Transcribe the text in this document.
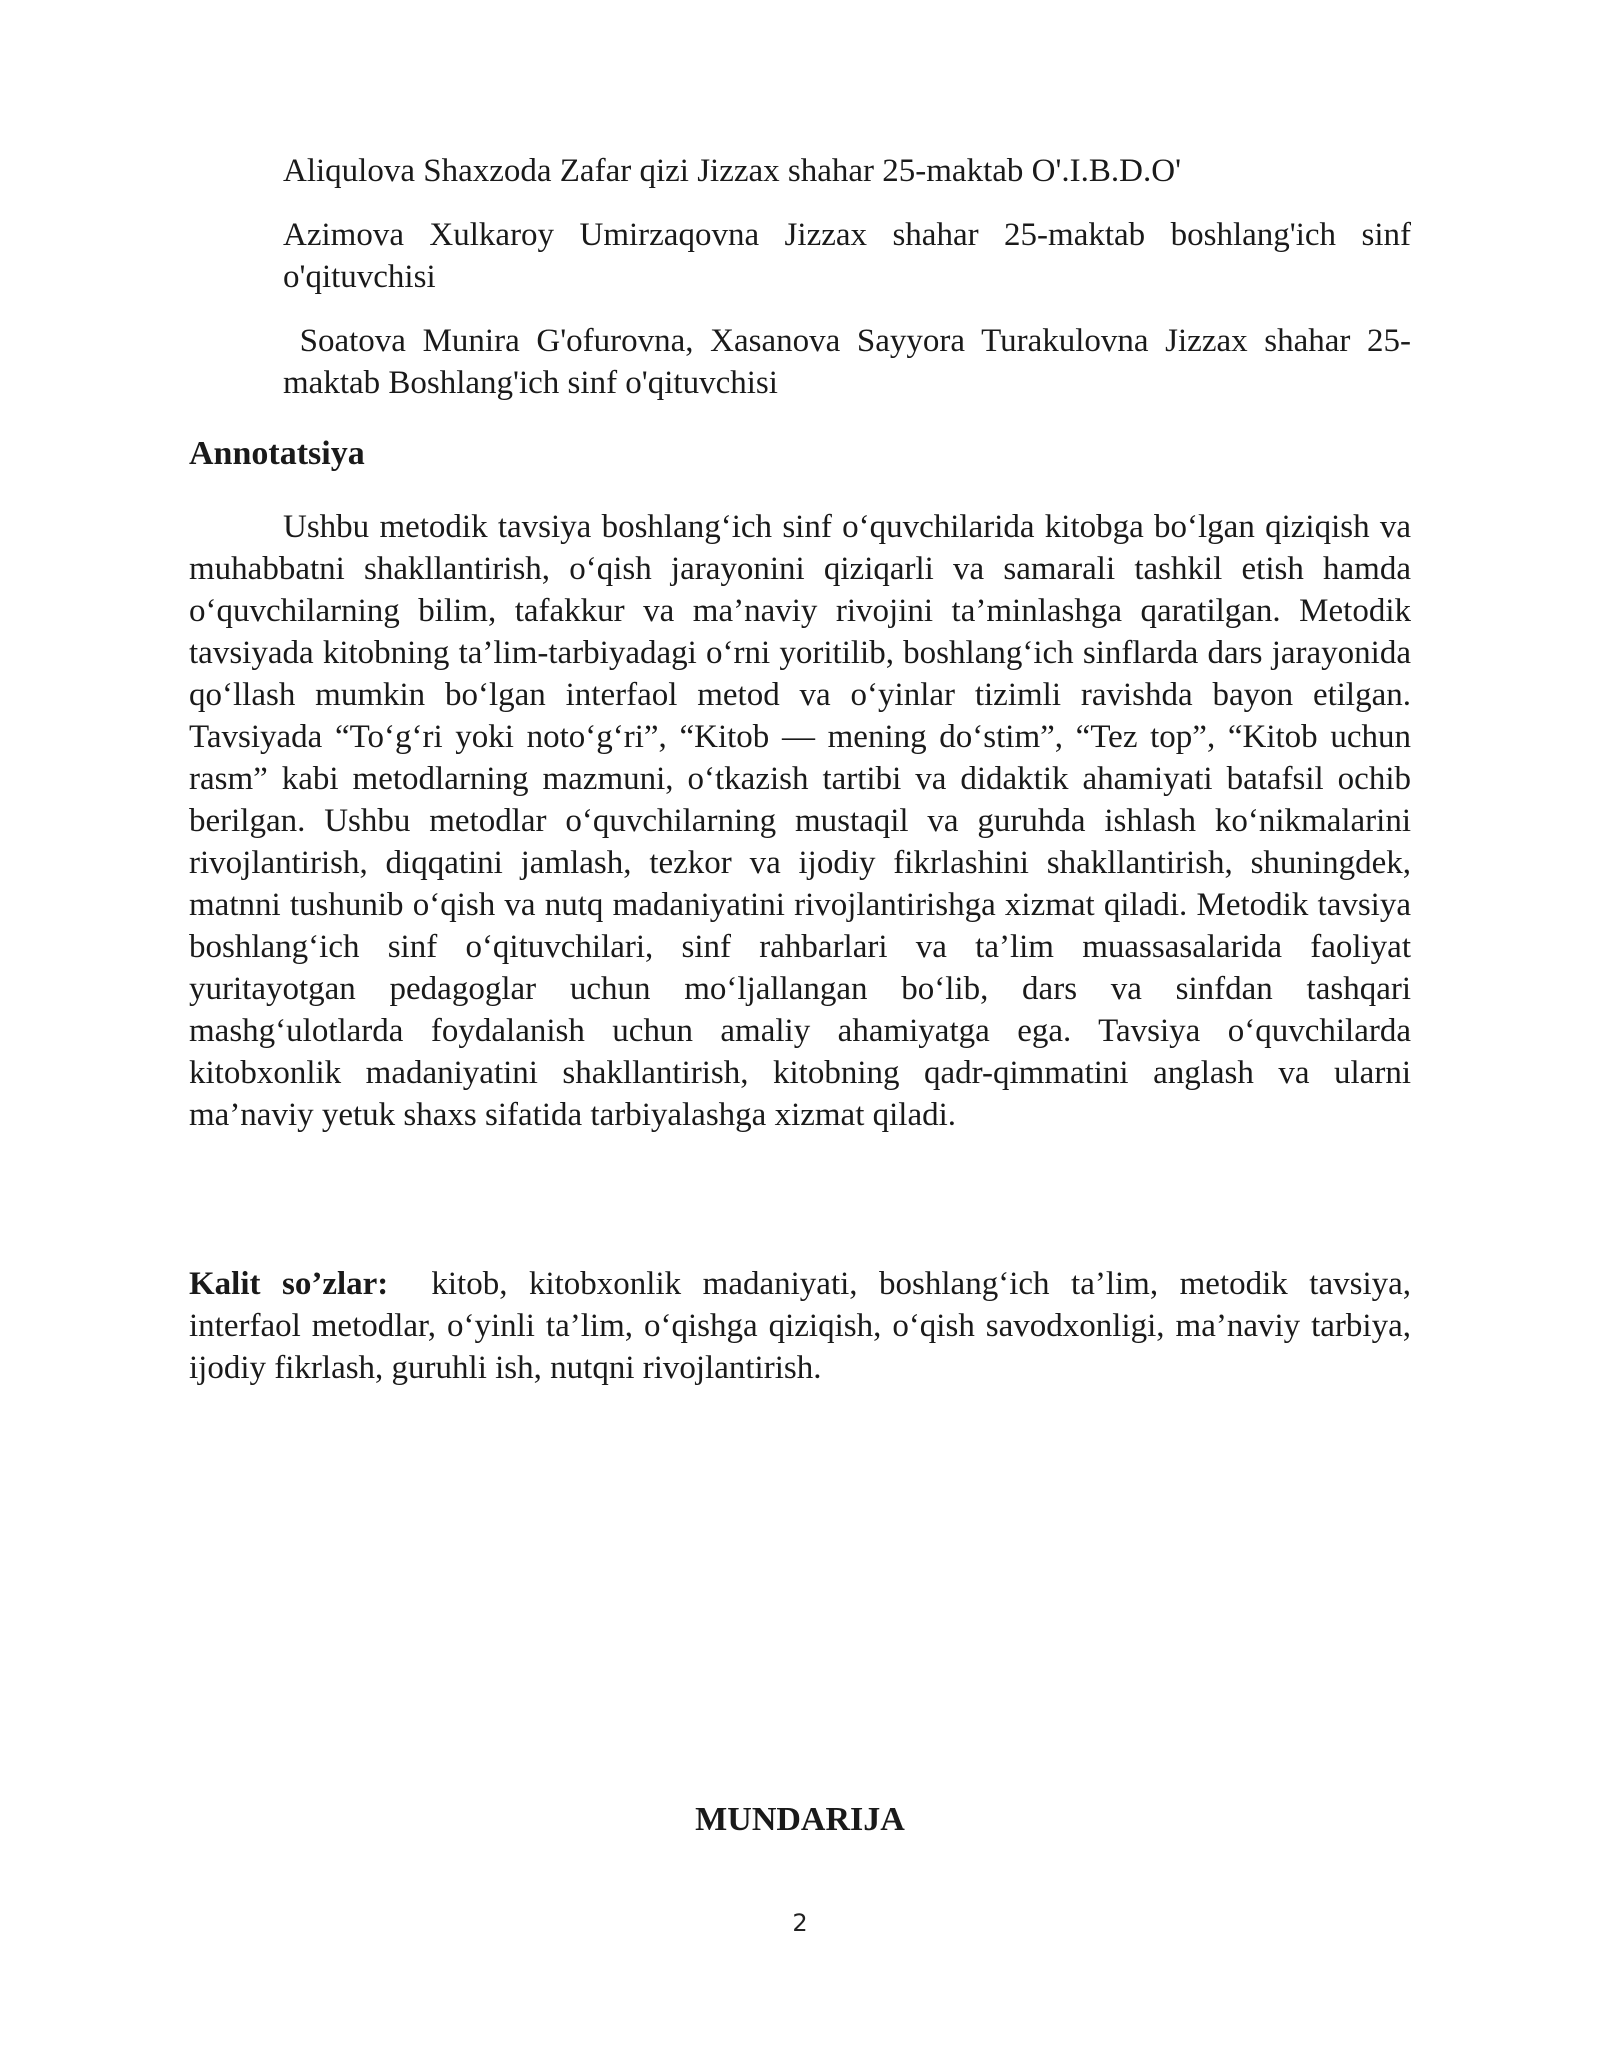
Aliqulova Shaxzoda Zafar qizi Jizzax shahar 25-maktab O'.I.B.D.O'

Azimova Xulkaroy Umirzaqovna Jizzax shahar 25-maktab boshlang'ich sinf o'qituvchisi

Soatova Munira G'ofurovna, Xasanova Sayyora Turakulovna Jizzax shahar 25-maktab Boshlang'ich sinf o'qituvchisi

Annotatsiya

Ushbu metodik tavsiya boshlang‘ich sinf o‘quvchilarida kitobga bo‘lgan qiziqish va muhabbatni shakllantirish, o‘qish jarayonini qiziqarli va samarali tashkil etish hamda o‘quvchilarning bilim, tafakkur va ma’naviy rivojini ta’minlashga qaratilgan. Metodik tavsiyada kitobning ta’lim-tarbiyadagi o‘rni yoritilib, boshlang‘ich sinflarda dars jarayonida qo‘llash mumkin bo‘lgan interfaol metod va o‘yinlar tizimli ravishda bayon etilgan. Tavsiyada “To‘g‘ri yoki noto‘g‘ri”, “Kitob — mening do‘stim”, “Tez top”, “Kitob uchun rasm” kabi metodlarning mazmuni, o‘tkazish tartibi va didaktik ahamiyati batafsil ochib berilgan. Ushbu metodlar o‘quvchilarning mustaqil va guruhda ishlash ko‘nikmalarini rivojlantirish, diqqatini jamlash, tezkor va ijodiy fikrlashini shakllantirish, shuningdek, matnni tushunib o‘qish va nutq madaniyatini rivojlantirishga xizmat qiladi. Metodik tavsiya boshlang‘ich sinf o‘qituvchilari, sinf rahbarlari va ta’lim muassasalarida faoliyat yuritayotgan pedagoglar uchun mo‘ljallangan bo‘lib, dars va sinfdan tashqari mashg‘ulotlarda foydalanish uchun amaliy ahamiyatga ega. Tavsiya o‘quvchilarda kitobxonlik madaniyatini shakllantirish, kitobning qadr-qimmatini anglash va ularni ma’naviy yetuk shaxs sifatida tarbiyalashga xizmat qiladi.

Kalit so’zlar: kitob, kitobxonlik madaniyati, boshlang‘ich ta’lim, metodik tavsiya, interfaol metodlar, o‘yinli ta’lim, o‘qishga qiziqish, o‘qish savodxonligi, ma’naviy tarbiya, ijodiy fikrlash, guruhli ish, nutqni rivojlantirish.

MUNDARIJA
2
